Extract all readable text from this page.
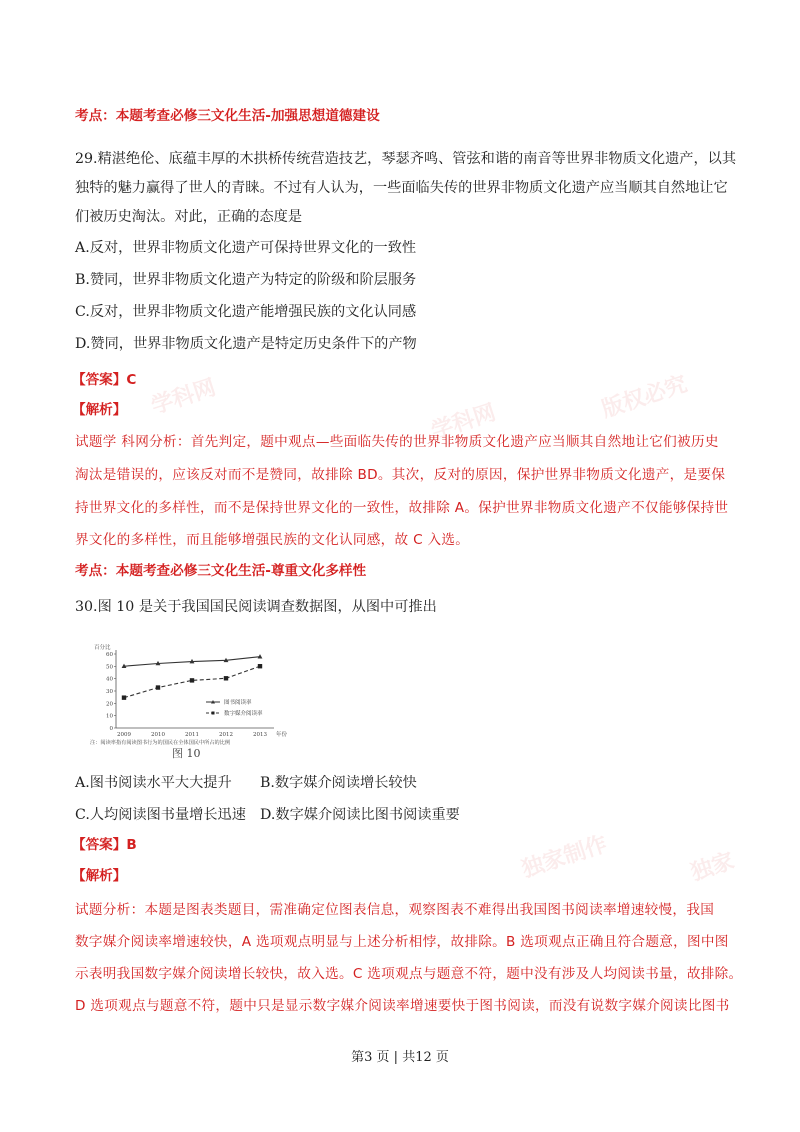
学科网
学科网	版权必究
独家制作	独家
考点：本题考查必修三文化生活-加强思想道德建设
29.精湛绝伦、底蕴丰厚的木拱桥传统营造技艺，琴瑟齐鸣、管弦和谐的南音等世界非物质文化遗产，以其
独特的魅力赢得了世人的青睐。不过有人认为，一些面临失传的世界非物质文化遗产应当顺其自然地让它
们被历史淘汰。对此，正确的态度是
A.反对，世界非物质文化遗产可保持世界文化的一致性
B.赞同，世界非物质文化遗产为特定的阶级和阶层服务
C.反对，世界非物质文化遗产能增强民族的文化认同感
D.赞同，世界非物质文化遗产是特定历史条件下的产物
【答案】C
【解析】
试题学 科网分析：首先判定，题中观点—些面临失传的世界非物质文化遗产应当顺其自然地让它们被历史
淘汰是错误的，应该反对而不是赞同，故排除 BD。其次，反对的原因，保护世界非物质文化遗产，是要保
持世界文化的多样性，而不是保持世界文化的一致性，故排除 A。保护世界非物质文化遗产不仅能够保持世
界文化的多样性，而且能够增强民族的文化认同感，故 C 入选。
考点：本题考查必修三文化生活-尊重文化多样性
30.图 10 是关于我国国民阅读调查数据图，从图中可推出
百分比
0
10
20
30
40
50
60
2009	2010	2011	2012	2013 年份
图书阅读率
数字媒介阅读率
注：阅读率指有阅读图书行为的国民在全体国民中所占的比例
图 10
A.图书阅读水平大大提升 B.数字媒介阅读增长较快
C.人均阅读图书量增长迅速 D.数字媒介阅读比图书阅读重要
【答案】B
【解析】
试题分析：本题是图表类题目，需准确定位图表信息，观察图表不难得出我国图书阅读率增速较慢，我国
数字媒介阅读率增速较快，A 选项观点明显与上述分析相悖，故排除。B 选项观点正确且符合题意，图中图
示表明我国数字媒介阅读增长较快，故入选。C 选项观点与题意不符，题中没有涉及人均阅读书量，故排除。
D 选项观点与题意不符，题中只是显示数字媒介阅读率增速要快于图书阅读，而没有说数字媒介阅读比图书
第3 页 | 共12 页
